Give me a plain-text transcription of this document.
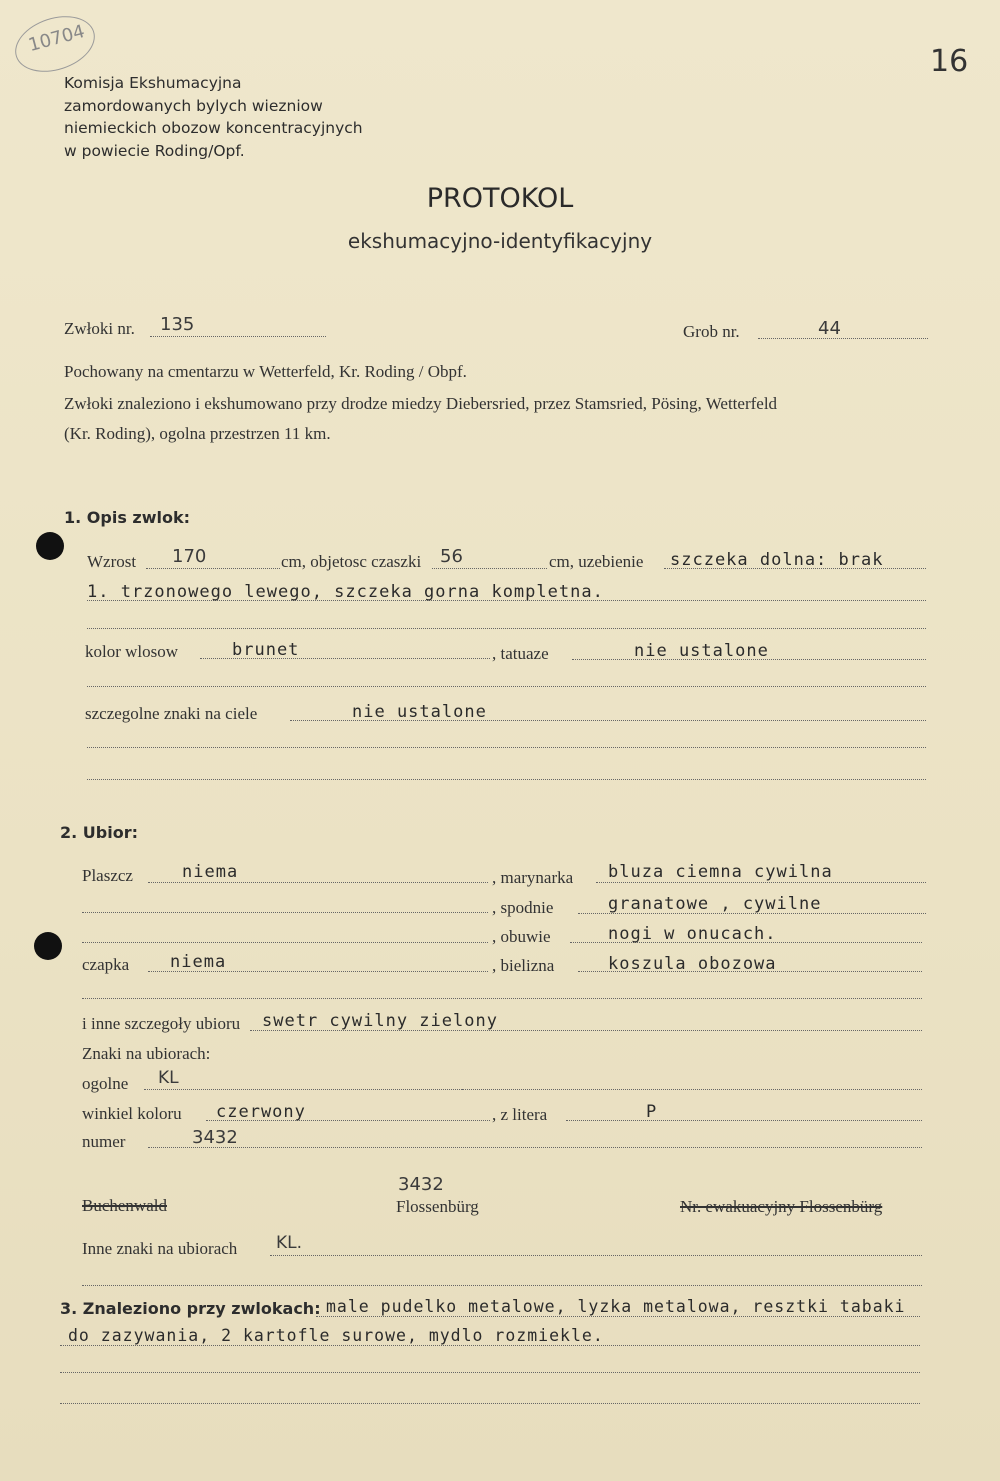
10704
16
Komisja Ekshumacyjna
zamordowanych bylych wiezniow
niemieckich obozow koncentracyjnych
w powiecie Roding/Opf.
PROTOKOL
ekshumacyjno-identyfikacyjny
Zwłoki nr. 135	Grob nr.	44
Pochowany na cmentarzu w Wetterfeld, Kr. Roding / Obpf.
Zwłoki znaleziono i ekshumowano przy drodze miedzy Diebersried, przez Stamsried, Pösing, Wetterfeld
(Kr. Roding), ogolna przestrzen 11 km.
1. Opis zwlok:
Wzrost 170	cm, objetosc czaszki 56	cm, uzebienie szczeka dolna: brak
1. trzonowego lewego, szczeka gorna kompletna.
kolor wlosow	brunet	, tatuaze	nie ustalone
szczegolne znaki na ciele	nie ustalone
2. Ubior:
Plaszcz	niema	, marynarka bluza ciemna cywilna
, spodnie	granatowe , cywilne
, obuwie	nogi w onucach.
czapka niema	, bielizna	koszula obozowa
i inne szczegoły ubioru swetr cywilny zielony
Znaki na ubiorach:
ogolne KL
winkiel koloru czerwony	, z litera	P
numer	3432
Buchenwald
3432
Flossenbürg	Nr. ewakuacyjny Flossenbürg
Inne znaki na ubiorach KL.
3. Znaleziono przy zwlokach: male pudelko metalowe, lyzka metalowa, resztki tabaki
do zazywania, 2 kartofle surowe, mydlo rozmiekle.
